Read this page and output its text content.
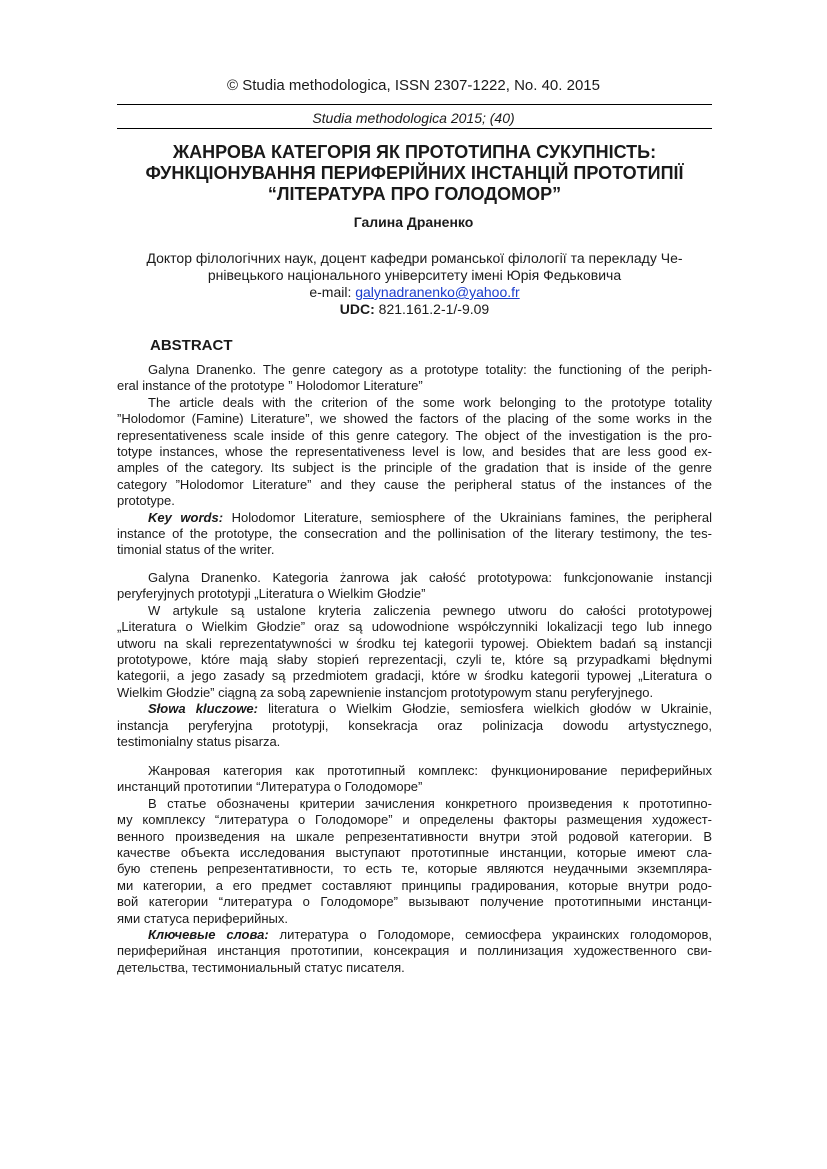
© Studia methodologica, ISSN 2307-1222, No. 40. 2015
Studia methodologica 2015; (40)
ЖАНРОВА КАТЕГОРІЯ ЯК ПРОТОТИПНА СУКУПНІСТЬ:
ФУНКЦІОНУВАННЯ ПЕРИФЕРІЙНИХ ІНСТАНЦІЙ ПРОТОТИПІЇ
“ЛІТЕРАТУРА ПРО ГОЛОДОМОР”
Галина Драненко
Доктор філологічних наук, доцент кафедри романської філології та перекладу Че-
рнівецького національного університету імені Юрія Федьковича
e-mail: galynadranenko@yahoo.fr
UDC: 821.161.2-1/-9.09
ABSTRACT
Galyna Dranenko. The genre category as a prototype totality: the functioning of the periph-
eral instance of the prototype ” Holodomor Literature”
The article deals with the criterion of the some work belonging to the prototype totality
”Holodomor (Famine) Literature”, we showed the factors of the placing of the some works in the
representativeness scale inside of this genre category. The object of the investigation is the pro-
totype instances, whose the representativeness level is low, and besides that are less good ex-
amples of the category. Its subject is the principle of the gradation that is inside of the genre
category ”Holodomor Literature” and they cause the peripheral status of the instances of the
prototype.
Key words: Holodomor Literature, semiosphere of the Ukrainians famines, the peripheral
instance of the prototype, the consecration and the pollinisation of the literary testimony, the tes-
timonial status of the writer.
Galyna Dranenko. Kategoria żanrowa jak całość prototypowa: funkcjonowanie instancji
peryferyjnych prototypji „Literatura o Wielkim Głodzie”
W artykule są ustalone kryteria zaliczenia pewnego utworu do całości prototypowej
„Literatura o Wielkim Głodzie” oraz są udowodnione współczynniki lokalizacji tego lub innego
utworu na skali reprezentatywności w środku tej kategorii typowej. Obiektem badań są instancji
prototypowe, które mają słaby stopień reprezentacji, czyli te, które są przypadkami błędnymi
kategorii, a jego zasady są przedmiotem gradacji, które w środku kategorii typowej „Literatura o
Wielkim Głodzie” ciągną za sobą zapewnienie instancjom prototypowym stanu peryferyjnego.
Słowa kluczowe: literatura o Wielkim Głodzie, semiosfera wielkich głodów w Ukrainie,
instancja peryferyjna prototypji, konsekracja oraz polinizacja dowodu artystycznego,
testimonialny status pisarza.
Жанровая категория как прототипный комплекс: функционирование периферийных
инстанций прототипии “Литература о Голодоморе”
В статье обозначены критерии зачисления конкретного произведения к прототипно-
му комплексу “литература о Голодоморе” и определены факторы размещения художест-
венного произведения на шкале репрезентативности внутри этой родовой категории. В
качестве объекта исследования выступают прототипные инстанции, которые имеют сла-
бую степень репрезентативности, то есть те, которые являются неудачными экземпляра-
ми категории, а его предмет составляют принципы градирования, которые внутри родо-
вой категории “литература о Голодоморе” вызывают получение прототипными инстанци-
ями статуса периферийных.
Ключевые слова: литература о Голодоморе, семиосфера украинских голодоморов,
периферийная инстанция прототипии, консекрация и поллинизация художественного сви-
детельства, тестимониальный статус писателя.
